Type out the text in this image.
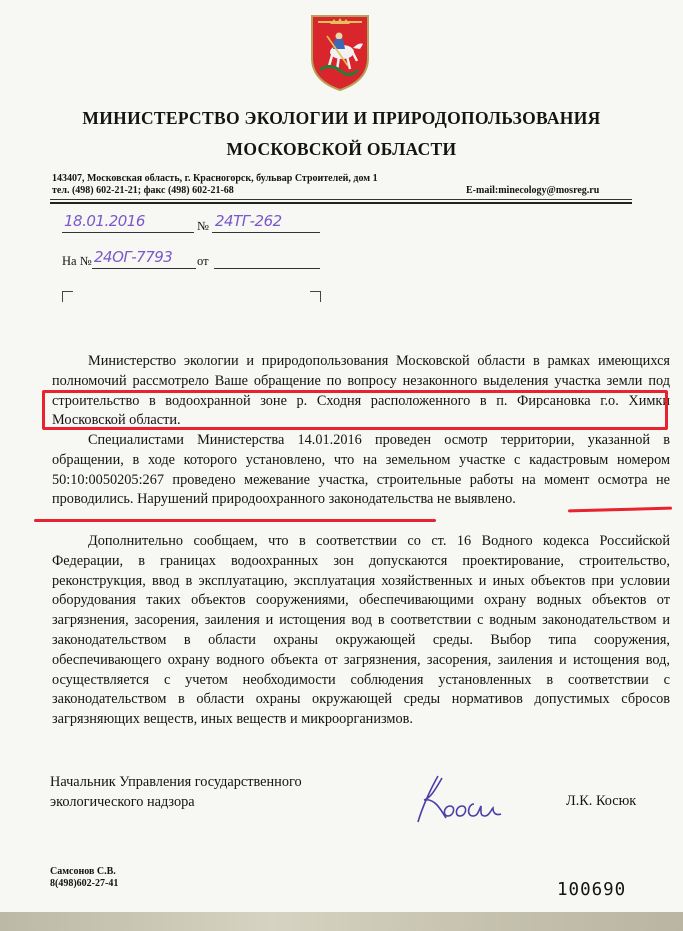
МИНИСТЕРСТВО ЭКОЛОГИИ И ПРИРОДОПОЛЬЗОВАНИЯ
МОСКОВСКОЙ ОБЛАСТИ
143407, Московская область, г. Красногорск, бульвар Строителей, дом 1
тел. (498) 602-21-21; факс (498) 602-21-68	E-mail:minecology@mosreg.ru
18.01.2016	№ 24ТГ-262
На № 24ОГ-7793 от

Министерство экологии и природопользования Московской области в рамках имеющихся полномочий рассмотрело Ваше обращение по вопросу незаконного выделения участка земли под строительство в водоохранной зоне р. Сходня расположенного в п. Фирсановка г.о. Химки Московской области.

Специалистами Министерства 14.01.2016 проведен осмотр территории, указанной в обращении, в ходе которого установлено, что на земельном участке с кадастровым номером 50:10:0050205:267 проведено межевание участка, строительные работы на момент осмотра не проводились. Нарушений природоохранного законодательства не выявлено.

Дополнительно сообщаем, что в соответствии со ст. 16 Водного кодекса Российской Федерации, в границах водоохранных зон допускаются проектирование, строительство, реконструкция, ввод в эксплуатацию, эксплуатация хозяйственных и иных объектов при условии оборудования таких объектов сооружениями, обеспечивающими охрану водных объектов от загрязнения, засорения, заиления и истощения вод в соответствии с водным законодательством и законодательством в области охраны окружающей среды. Выбор типа сооружения, обеспечивающего охрану водного объекта от загрязнения, засорения, заиления и истощения вод, осуществляется с учетом необходимости соблюдения установленных в соответствии с законодательством в области охраны окружающей среды нормативов допустимых сбросов загрязняющих веществ, иных веществ и микроорганизмов.

Начальник Управления государственного
экологического надзора	Л.К. Косюк
Самсонов С.В.
8(498)602-27-41	100690
